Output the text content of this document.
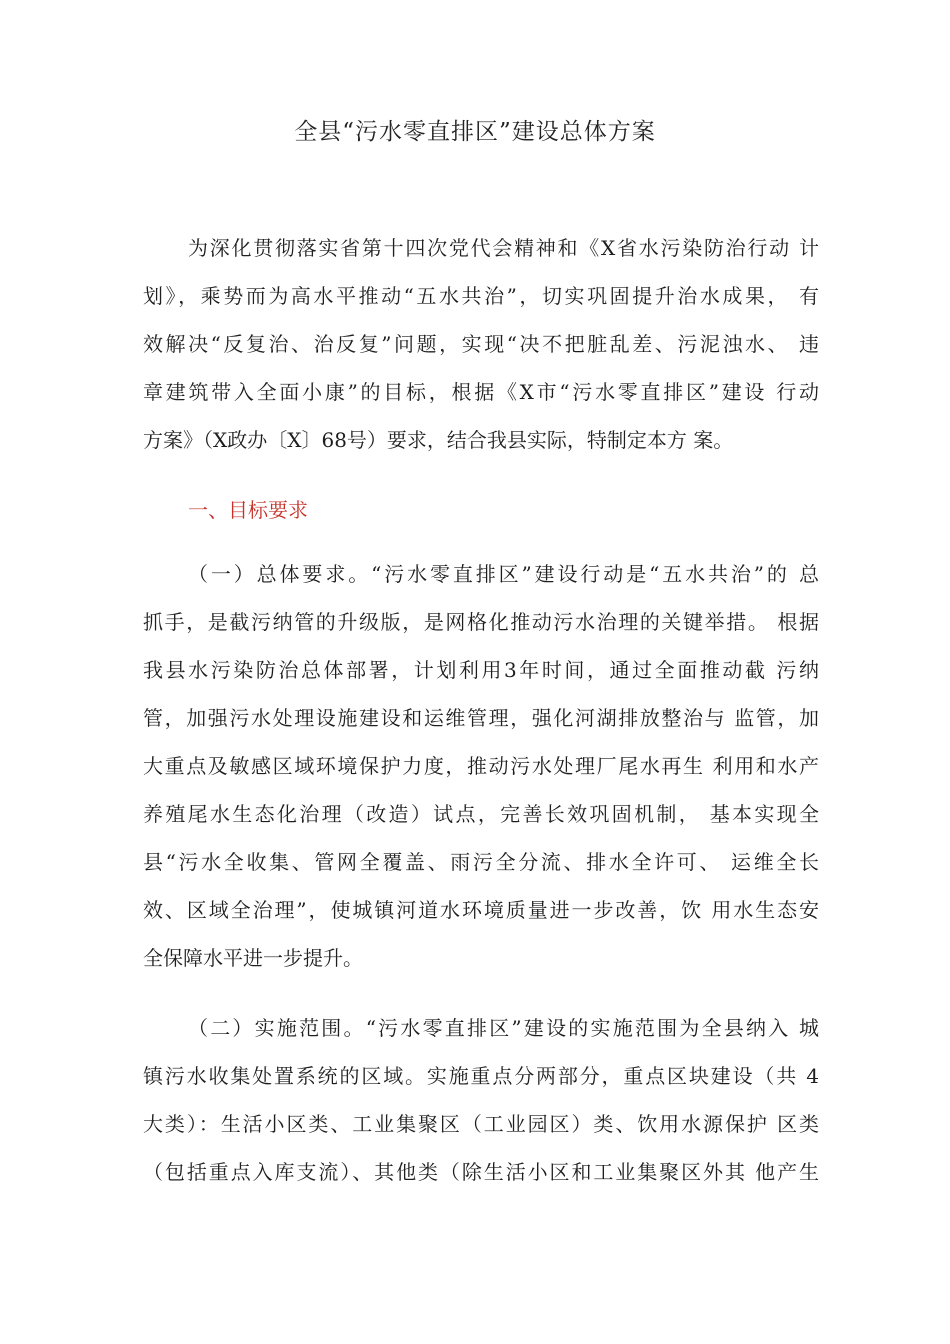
全县“污水零直排区”建设总体方案
为深化贯彻落实省第十四次党代会精神和《X省水污染防治行动 计
划》，乘势而为高水平推动“五水共治”，切实巩固提升治水成果， 有
效解决“反复治、治反复”问题，实现“决不把脏乱差、污泥浊水、 违
章建筑带入全面小康”的目标，根据《X市“污水零直排区”建设 行动
方案》（X政办〔X〕68号）要求，结合我县实际，特制定本方 案。
一、目标要求
（一）总体要求。“污水零直排区”建设行动是“五水共治”的 总
抓手，是截污纳管的升级版，是网格化推动污水治理的关键举措。 根据
我县水污染防治总体部署，计划利用3年时间，通过全面推动截 污纳
管，加强污水处理设施建设和运维管理，强化河湖排放整治与 监管，加
大重点及敏感区域环境保护力度，推动污水处理厂尾水再生 利用和水产
养殖尾水生态化治理（改造）试点，完善长效巩固机制， 基本实现全
县“污水全收集、管网全覆盖、雨污全分流、排水全许可、 运维全长
效、区域全治理”，使城镇河道水环境质量进一步改善，饮 用水生态安
全保障水平进一步提升。
（二）实施范围。“污水零直排区”建设的实施范围为全县纳入 城
镇污水收集处置系统的区域。实施重点分两部分，重点区块建设（共 4
大类）：生活小区类、工业集聚区（工业园区）类、饮用水源保护 区类
（包括重点入库支流）、其他类（除生活小区和工业集聚区外其 他产生
